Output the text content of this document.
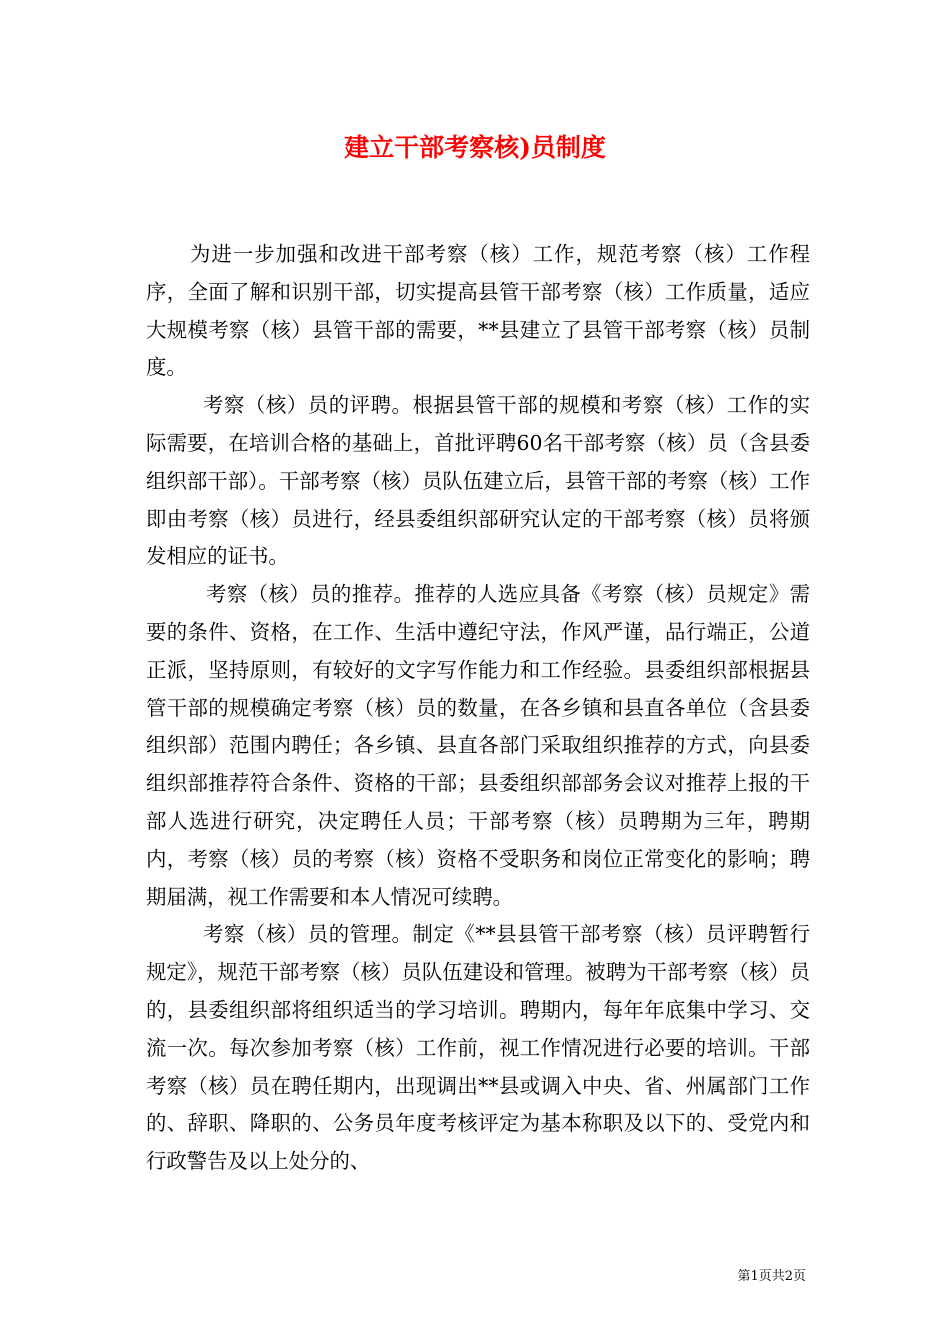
建立干部考察核)员制度

为进一步加强和改进干部考察（核）工作，规范考察（核）工作程序，全面了解和识别干部，切实提高县管干部考察（核）工作质量，适应大规模考察（核）县管干部的需要，**县建立了县管干部考察（核）员制度。

考察（核）员的评聘。根据县管干部的规模和考察（核）工作的实际需要，在培训合格的基础上，首批评聘60名干部考察（核）员（含县委组织部干部）。干部考察（核）员队伍建立后，县管干部的考察（核）工作即由考察（核）员进行，经县委组织部研究认定的干部考察（核）员将颁发相应的证书。

考察（核）员的推荐。推荐的人选应具备《考察（核）员规定》需要的条件、资格，在工作、生活中遵纪守法，作风严谨，品行端正，公道正派，坚持原则，有较好的文字写作能力和工作经验。县委组织部根据县管干部的规模确定考察（核）员的数量，在各乡镇和县直各单位（含县委组织部）范围内聘任；各乡镇、县直各部门采取组织推荐的方式，向县委组织部推荐符合条件、资格的干部；县委组织部部务会议对推荐上报的干部人选进行研究，决定聘任人员；干部考察（核）员聘期为三年，聘期内，考察（核）员的考察（核）资格不受职务和岗位正常变化的影响；聘期届满，视工作需要和本人情况可续聘。

考察（核）员的管理。制定《**县县管干部考察（核）员评聘暂行规定》，规范干部考察（核）员队伍建设和管理。被聘为干部考察（核）员的，县委组织部将组织适当的学习培训。聘期内，每年年底集中学习、交流一次。每次参加考察（核）工作前，视工作情况进行必要的培训。干部考察（核）员在聘任期内，出现调出**县或调入中央、省、州属部门工作的、辞职、降职的、公务员年度考核评定为基本称职及以下的、受党内和行政警告及以上处分的、

第1页共2页
